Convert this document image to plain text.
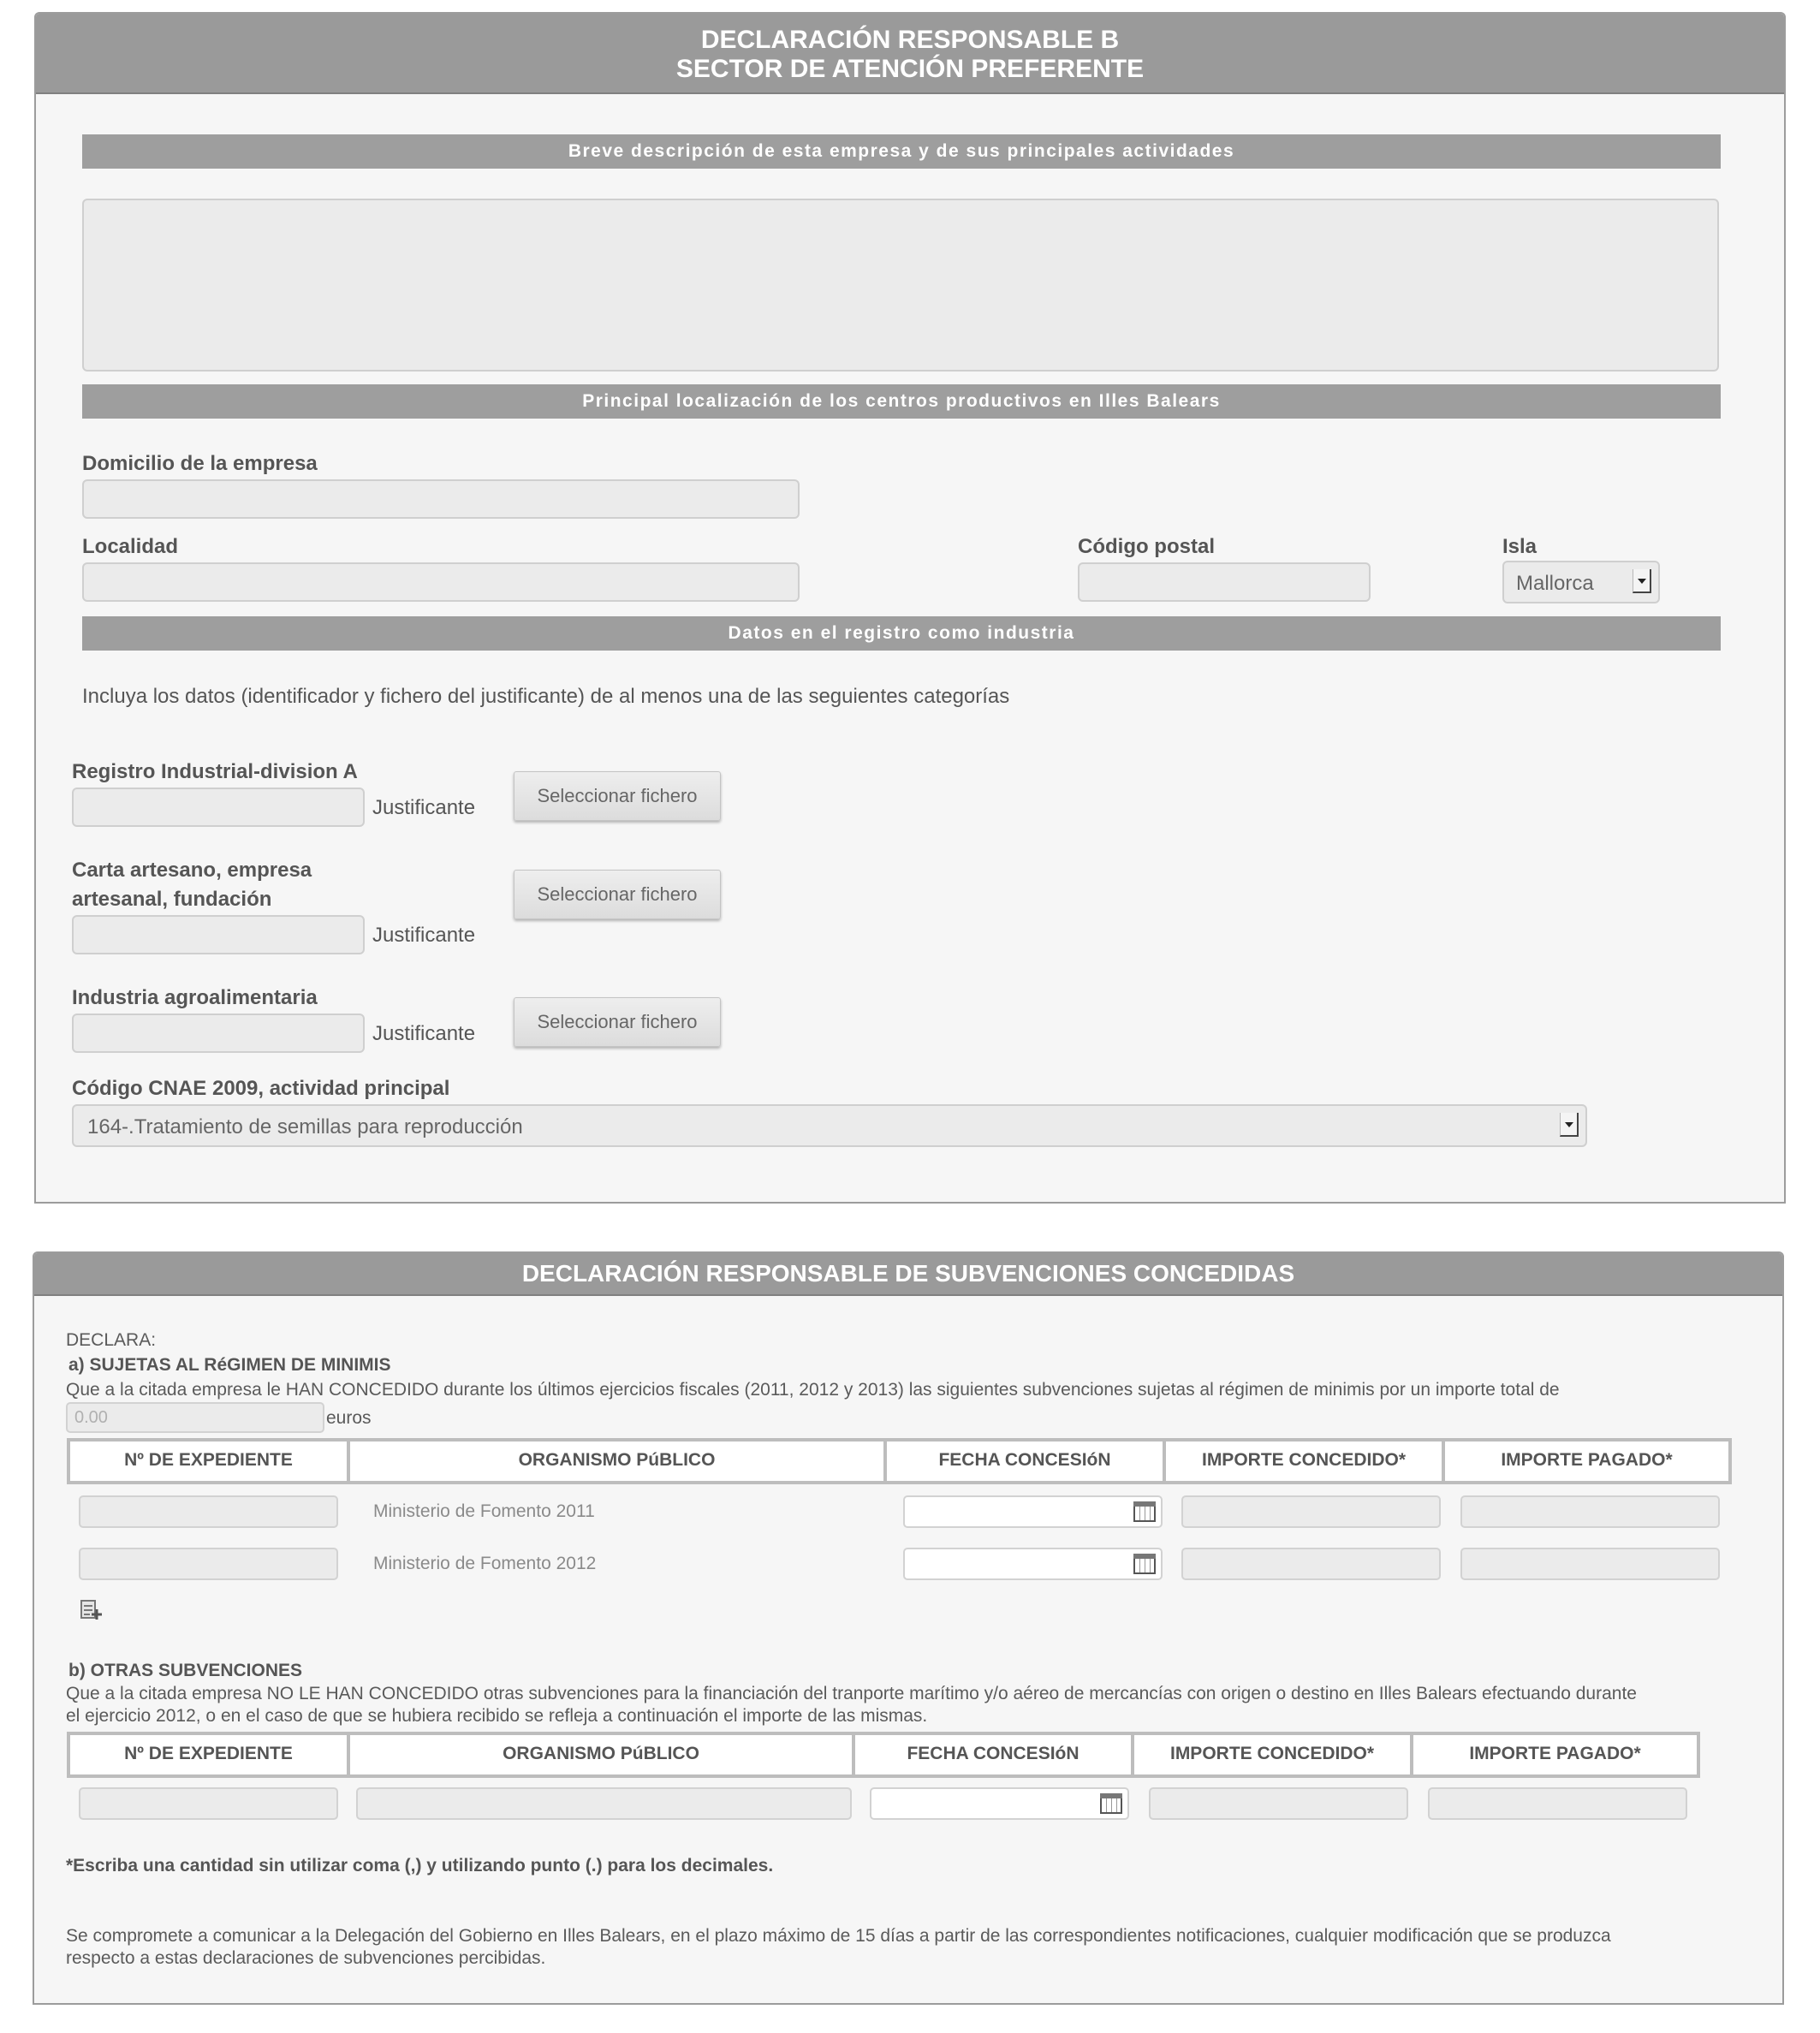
DECLARACIÓN RESPONSABLE B
SECTOR DE ATENCIÓN PREFERENTE
Breve descripción de esta empresa y de sus principales actividades
Principal localización de los centros productivos en Illes Balears
Domicilio de la empresa
Localidad	Código postal	Isla
Mallorca
Datos en el registro como industria
Incluya los datos (identificador y fichero del justificante) de al menos una de las seguientes categorías
Registro Industrial-division A
Justificante
Seleccionar fichero
Carta artesano, empresa
artesanal, fundación
Justificante
Seleccionar fichero
Industria agroalimentaria
Justificante
Seleccionar fichero
Código CNAE 2009, actividad principal
164-.Tratamiento de semillas para reproducción
DECLARACIÓN RESPONSABLE DE SUBVENCIONES CONCEDIDAS
DECLARA:
a) SUJETAS AL RéGIMEN DE MINIMIS
Que a la citada empresa le HAN CONCEDIDO durante los últimos ejercicios fiscales (2011, 2012 y 2013) las siguientes subvenciones sujetas al régimen de minimis por un importe total de
0.00	euros
Nº DE EXPEDIENTE	ORGANISMO PúBLICO	FECHA CONCESIóN	IMPORTE CONCEDIDO*	IMPORTE PAGADO*
Ministerio de Fomento 2011
Ministerio de Fomento 2012
b) OTRAS SUBVENCIONES
Que a la citada empresa NO LE HAN CONCEDIDO otras subvenciones para la financiación del tranporte marítimo y/o aéreo de mercancías con origen o destino en Illes Balears efectuando durante
el ejercicio 2012, o en el caso de que se hubiera recibido se refleja a continuación el importe de las mismas.
Nº DE EXPEDIENTE	ORGANISMO PúBLICO	FECHA CONCESIóN	IMPORTE CONCEDIDO*	IMPORTE PAGADO*
*Escriba una cantidad sin utilizar coma (,) y utilizando punto (.) para los decimales.
Se compromete a comunicar a la Delegación del Gobierno en Illes Balears, en el plazo máximo de 15 días a partir de las correspondientes notificaciones, cualquier modificación que se produzca
respecto a estas declaraciones de subvenciones percibidas.
